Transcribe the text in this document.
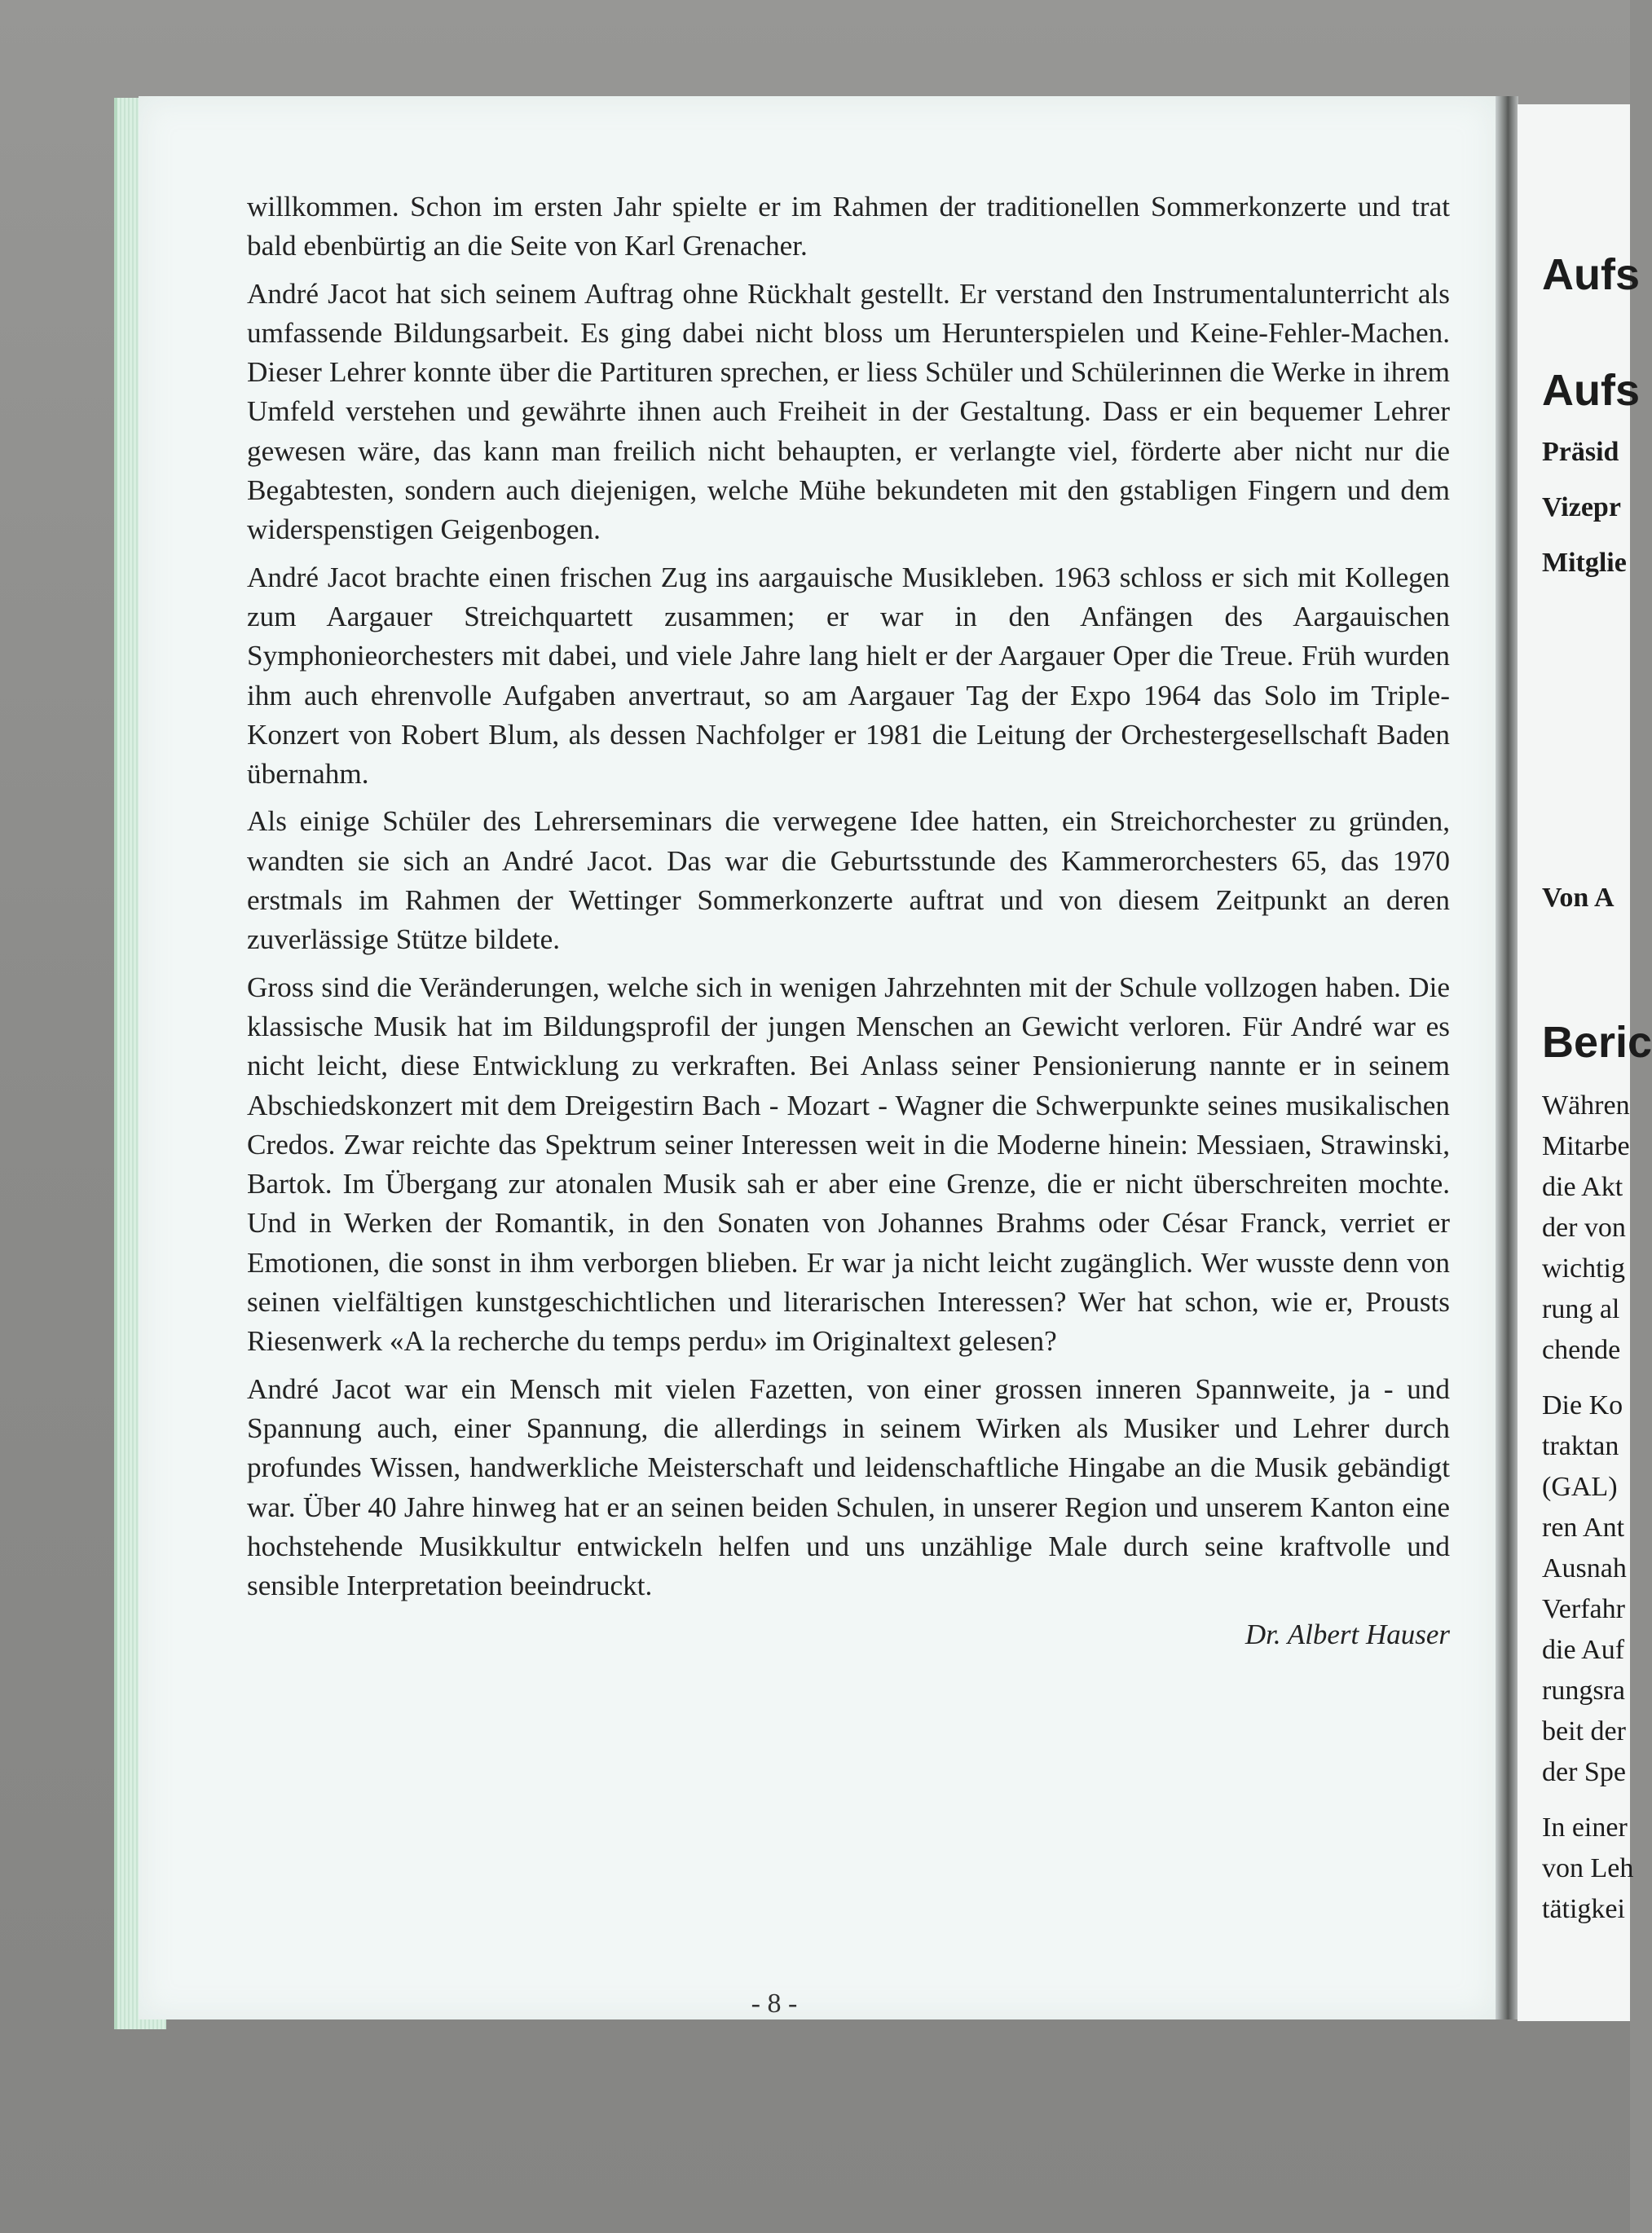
willkommen. Schon im ersten Jahr spielte er im Rahmen der traditionellen Sommerkonzerte und trat bald ebenbürtig an die Seite von Karl Grenacher.

André Jacot hat sich seinem Auftrag ohne Rückhalt gestellt. Er verstand den Instrumentalunterricht als umfassende Bildungsarbeit. Es ging dabei nicht bloss um Herunterspielen und Keine-Fehler-Machen. Dieser Lehrer konnte über die Partituren sprechen, er liess Schüler und Schülerinnen die Werke in ihrem Umfeld verstehen und gewährte ihnen auch Freiheit in der Gestaltung. Dass er ein bequemer Lehrer gewesen wäre, das kann man freilich nicht behaupten, er verlangte viel, förderte aber nicht nur die Begabtesten, sondern auch diejenigen, welche Mühe bekundeten mit den gstabligen Fingern und dem widerspenstigen Geigenbogen.

André Jacot brachte einen frischen Zug ins aargauische Musikleben. 1963 schloss er sich mit Kollegen zum Aargauer Streichquartett zusammen; er war in den Anfängen des Aargauischen Symphonieorchesters mit dabei, und viele Jahre lang hielt er der Aargauer Oper die Treue. Früh wurden ihm auch ehrenvolle Aufgaben anvertraut, so am Aargauer Tag der Expo 1964 das Solo im Triple-Konzert von Robert Blum, als dessen Nachfolger er 1981 die Leitung der Orchestergesellschaft Baden übernahm.

Als einige Schüler des Lehrerseminars die verwegene Idee hatten, ein Streichorchester zu gründen, wandten sie sich an André Jacot. Das war die Geburtsstunde des Kammerorchesters 65, das 1970 erstmals im Rahmen der Wettinger Sommerkonzerte auftrat und von diesem Zeitpunkt an deren zuverlässige Stütze bildete.

Gross sind die Veränderungen, welche sich in wenigen Jahrzehnten mit der Schule vollzogen haben. Die klassische Musik hat im Bildungsprofil der jungen Menschen an Gewicht verloren. Für André war es nicht leicht, diese Entwicklung zu verkraften. Bei Anlass seiner Pensionierung nannte er in seinem Abschiedskonzert mit dem Dreigestirn Bach - Mozart - Wagner die Schwerpunkte seines musikalischen Credos. Zwar reichte das Spektrum seiner Interessen weit in die Moderne hinein: Messiaen, Strawinski, Bartok. Im Übergang zur atonalen Musik sah er aber eine Grenze, die er nicht überschreiten mochte. Und in Werken der Romantik, in den Sonaten von Johannes Brahms oder César Franck, verriet er Emotionen, die sonst in ihm verborgen blieben. Er war ja nicht leicht zugänglich. Wer wusste denn von seinen vielfältigen kunstgeschichtlichen und literarischen Interessen? Wer hat schon, wie er, Prousts Riesenwerk «A la recherche du temps perdu» im Originaltext gelesen?

André Jacot war ein Mensch mit vielen Fazetten, von einer grossen inneren Spannweite, ja - und Spannung auch, einer Spannung, die allerdings in seinem Wirken als Musiker und Lehrer durch profundes Wissen, handwerkliche Meisterschaft und leidenschaftliche Hingabe an die Musik gebändigt war. Über 40 Jahre hinweg hat er an seinen beiden Schulen, in unserer Region und unserem Kanton eine hochstehende Musikkultur entwickeln helfen und uns unzählige Male durch seine kraftvolle und sensible Interpretation beeindruckt.

Dr. Albert Hauser

- 8 -
Aufs
Aufs
Präsid
Vizepr
Mitglie
Von A
Beric
Währen
Mitarbe
die Akt
der von
wichtig
rung al
chende
Die Ko
traktan
(GAL)
ren Ant
Ausnah
Verfahr
die Auf
rungsra
beit der
der Spe
In einer
von Leh
tätigkei
